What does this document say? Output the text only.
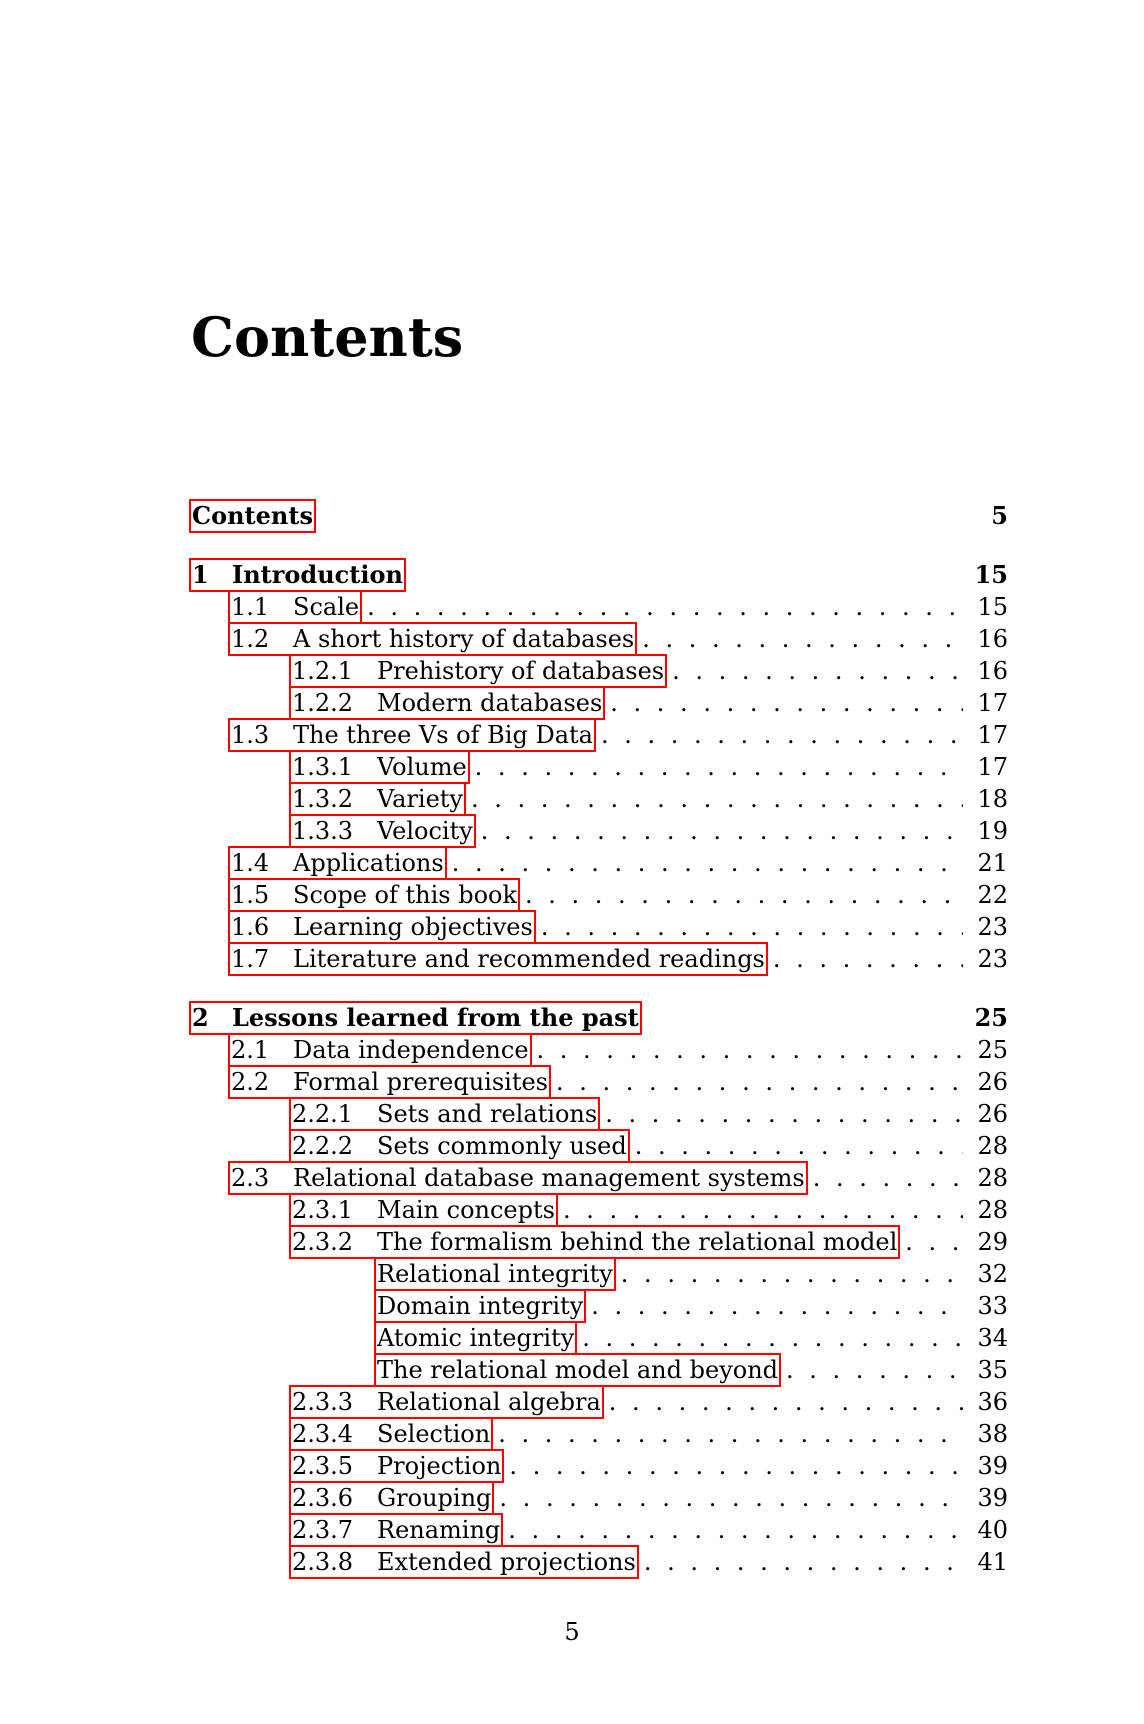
Contents
Contents	5
1 Introduction	15
1.1 Scale . . .	15
1.2 A short history of databases . . .	16
1.2.1 Prehistory of databases . . .	16
1.2.2 Modern databases . . .	17
1.3 The three Vs of Big Data . . .	17
1.3.1 Volume . . .	17
1.3.2 Variety . . .	18
1.3.3 Velocity . . .	19
1.4 Applications . . .	21
1.5 Scope of this book . . .	22
1.6 Learning objectives . . .	23
1.7 Literature and recommended readings . . .	23
2 Lessons learned from the past	25
2.1 Data independence . . .	25
2.2 Formal prerequisites . . .	26
2.2.1 Sets and relations . . .	26
2.2.2 Sets commonly used . . .	28
2.3 Relational database management systems . . .	28
2.3.1 Main concepts . . .	28
2.3.2 The formalism behind the relational model . . .	29
Relational integrity . . .	32
Domain integrity . . .	33
Atomic integrity . . .	34
The relational model and beyond . . .	35
2.3.3 Relational algebra . . .	36
2.3.4 Selection . . .	38
2.3.5 Projection . . .	39
2.3.6 Grouping . . .	39
2.3.7 Renaming . . .	40
2.3.8 Extended projections . . .	41
5
